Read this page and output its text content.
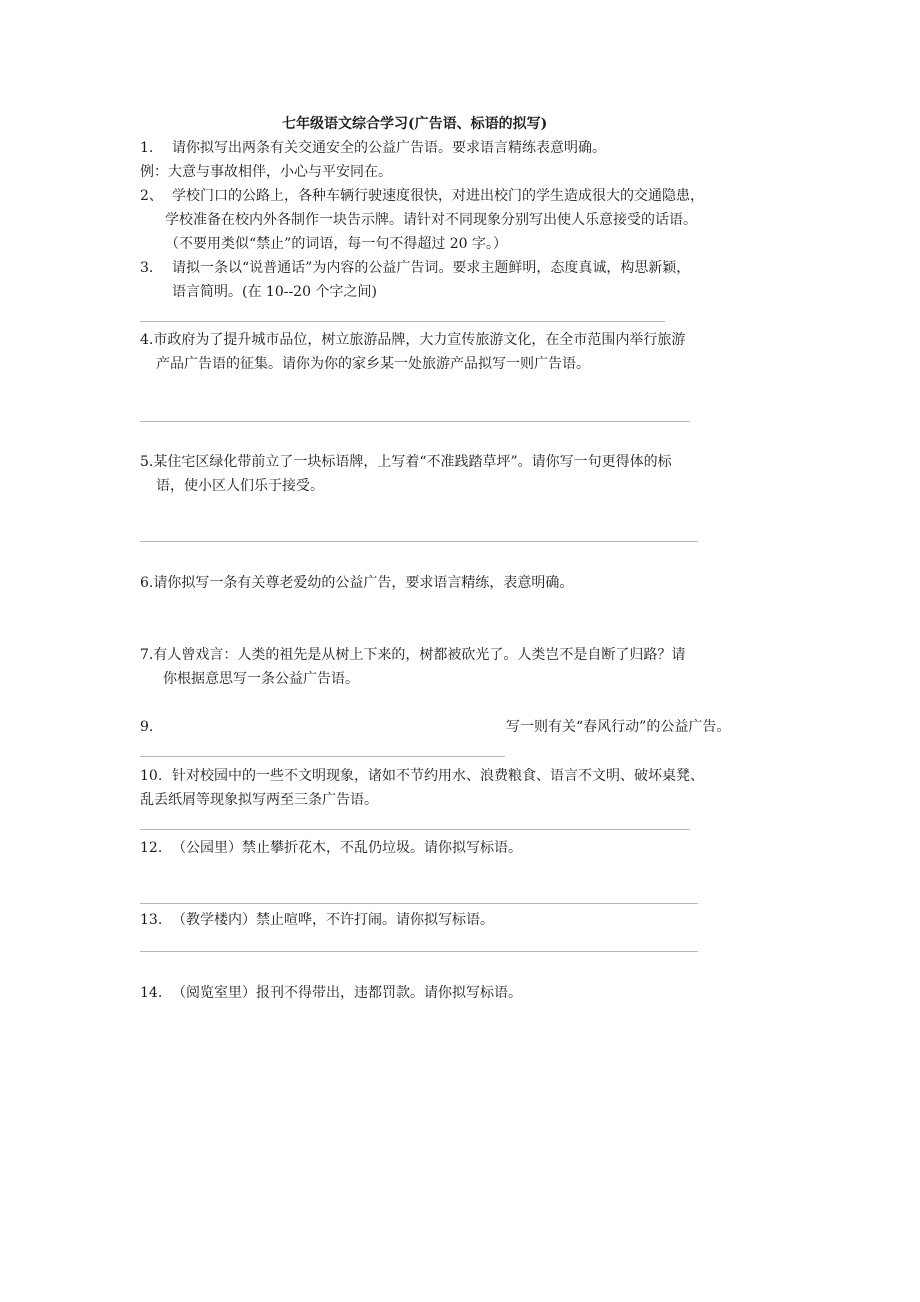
七年级语文综合学习(广告语、标语的拟写)
1. 请你拟写出两条有关交通安全的公益广告语。要求语言精练表意明确。
例：大意与事故相伴，小心与平安同在。
2、 学校门口的公路上，各种车辆行驶速度很快，对进出校门的学生造成很大的交通隐患，
学校准备在校内外各制作一块告示牌。请针对不同现象分别写出使人乐意接受的话语。
（不要用类似“禁止”的词语，每一句不得超过 20 字。）
3. 请拟一条以“说普通话”为内容的公益广告词。要求主题鲜明，态度真诚，构思新颖，
语言简明。(在 10--20 个字之间)
4.市政府为了提升城市品位，树立旅游品牌，大力宣传旅游文化，在全市范围内举行旅游
产品广告语的征集。请你为你的家乡某一处旅游产品拟写一则广告语。
5.某住宅区绿化带前立了一块标语牌，上写着“不准践踏草坪”。请你写一句更得体的标
语，使小区人们乐于接受。
6.请你拟写一条有关尊老爱幼的公益广告，要求语言精练，表意明确。
7.有人曾戏言：人类的祖先是从树上下来的，树都被砍光了。人类岂不是自断了归路？请
你根据意思写一条公益广告语。
9.	写一则有关“春风行动”的公益广告。
10. 针对校园中的一些不文明现象，诸如不节约用水、浪费粮食、语言不文明、破坏桌凳、
乱丢纸屑等现象拟写两至三条广告语。
12. （公园里）禁止攀折花木，不乱仍垃圾。请你拟写标语。
13. （教学楼内）禁止喧哗，不许打闹。请你拟写标语。
14. （阅览室里）报刊不得带出，违都罚款。请你拟写标语。
